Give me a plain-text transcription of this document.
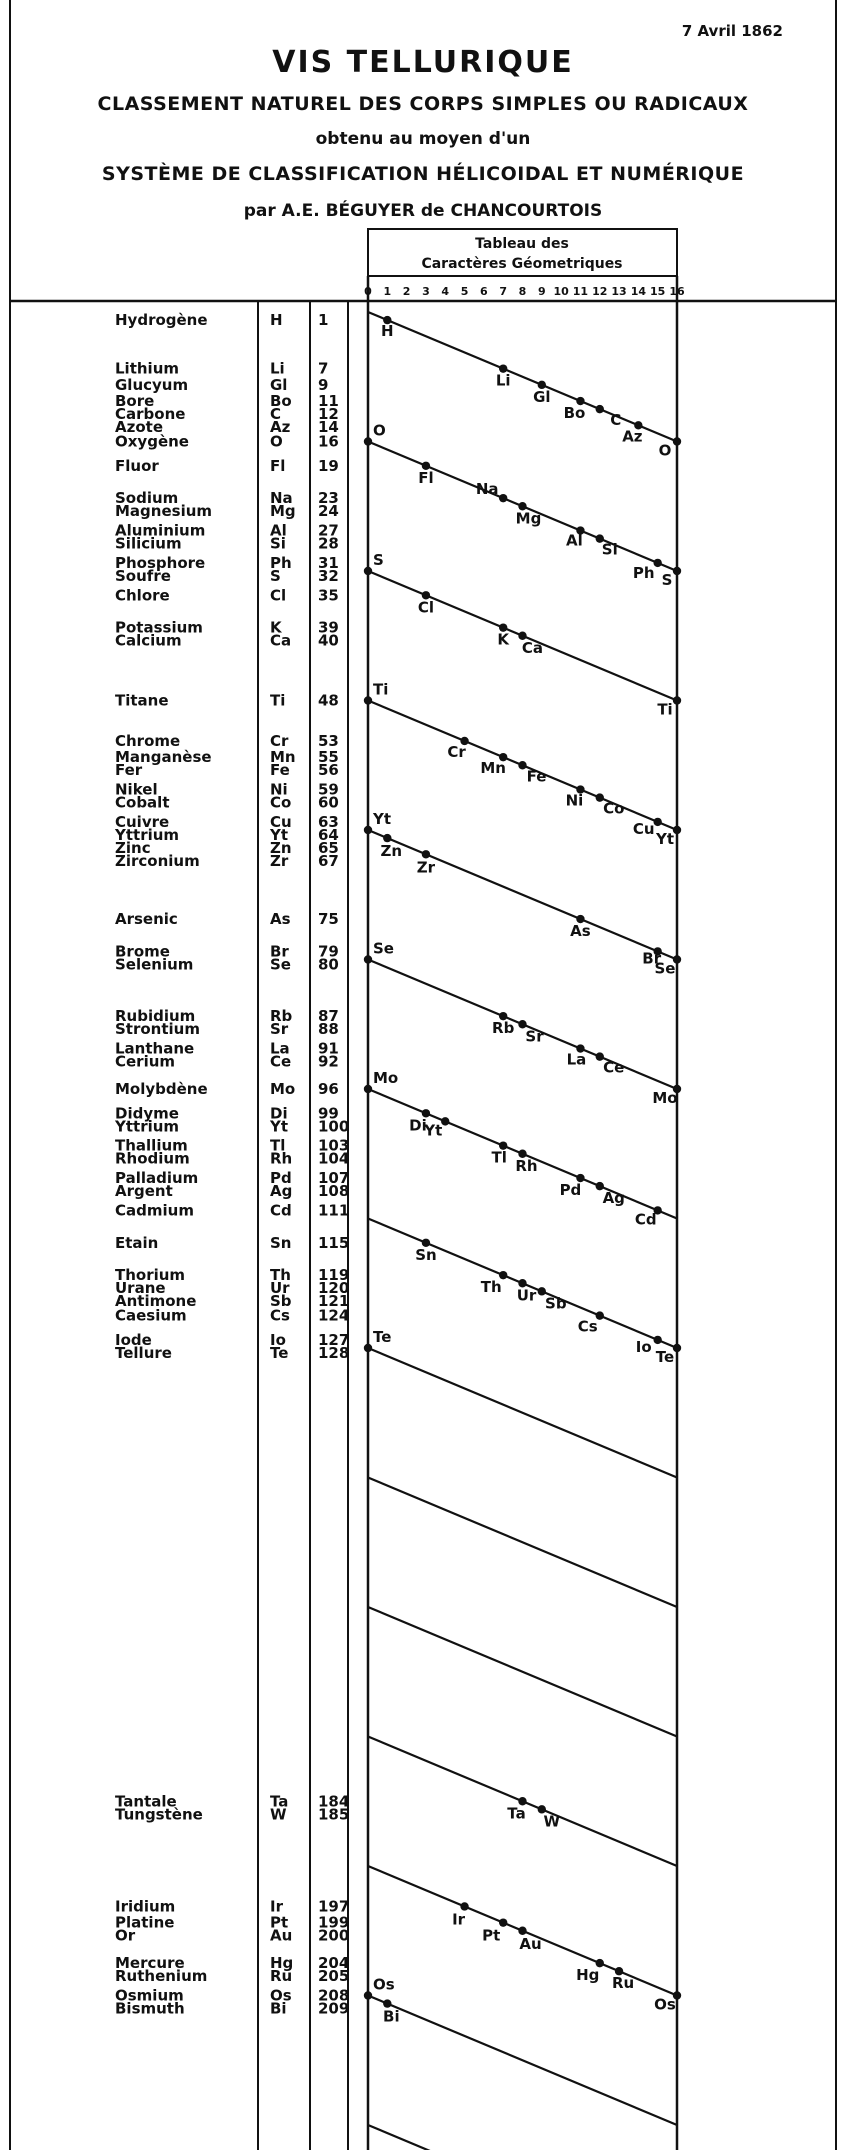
7 Avril 1862
VIS TELLURIQUE
CLASSEMENT NATUREL DES CORPS SIMPLES OU RADICAUX
obtenu au moyen d'un
SYSTÈME DE CLASSIFICATION HÉLICOIDAL ET NUMÉRIQUE
par A.E. BÉGUYER de CHANCOURTOIS
Tableau des
Caractères Géometriques
0 1 2 3 4 5 6 7 8 9 10 11 12 13 14 15 16
H
Li
Gl
Bo C
Az
O
O
Fl
Na
Mg
Al
Si
Ph S
S
Cl
K Ca
Ti
Ti
Cr
Mn Fe
Ni Co
Cu
Yt
Yt
Zn
Zr
As
Br
Se
Se
Rb Sr
La Ce
Mo
Mo
Di
Yt
Tl Rh
Pd Ag
Cd
Sn
Th Ur Sb
Cs
Io
Te
Te
Ta W
Ir
Pt Au
Hg Ru
Os
Os
Bi
Hydrogène	H 1
Lithium	Li 7
Glucyum	Gl 9
Bore	Bo 11
Carbone	C 12
Azote	Az 14
Oxygène	O 16
Fluor	Fl 19
Sodium	Na 23
Magnesium	Mg 24
Aluminium	Al 27
Silicium	Si 28
Phosphore	Ph 31
Soufre	S 32
Chlore	Cl 35
Potassium	K 39
Calcium	Ca 40
Titane	Ti 48
Chrome	Cr 53
Manganèse	Mn 55
Fer	Fe 56
Nikel	Ni 59
Cobalt	Co 60
Cuivre	Cu 63
Yttrium	Yt 64
Zinc	Zn 65
Zirconium	Zr 67
Arsenic	As 75
Brome	Br 79
Selenium	Se 80
Rubidium	Rb 87
Strontium	Sr 88
Lanthane	La 91
Cerium	Ce 92
Molybdène	Mo 96
Didyme	Di 99
Yttrium	Yt 100
Thallium	Tl 103
Rhodium	Rh 104
Palladium	Pd 107
Argent	Ag 108
Cadmium	Cd 111
Etain	Sn 115
Thorium	Th 119
Urane	Ur 120
Antimone	Sb 121
Caesium	Cs 124
Iode	Io 127
Tellure	Te 128
Tantale	Ta 184
Tungstène	W 185
Iridium	Ir 197
Platine	Pt 199
Or	Au 200
Mercure	Hg 204
Ruthenium	Ru 205
Osmium	Os 208
Bismuth	Bi 209
